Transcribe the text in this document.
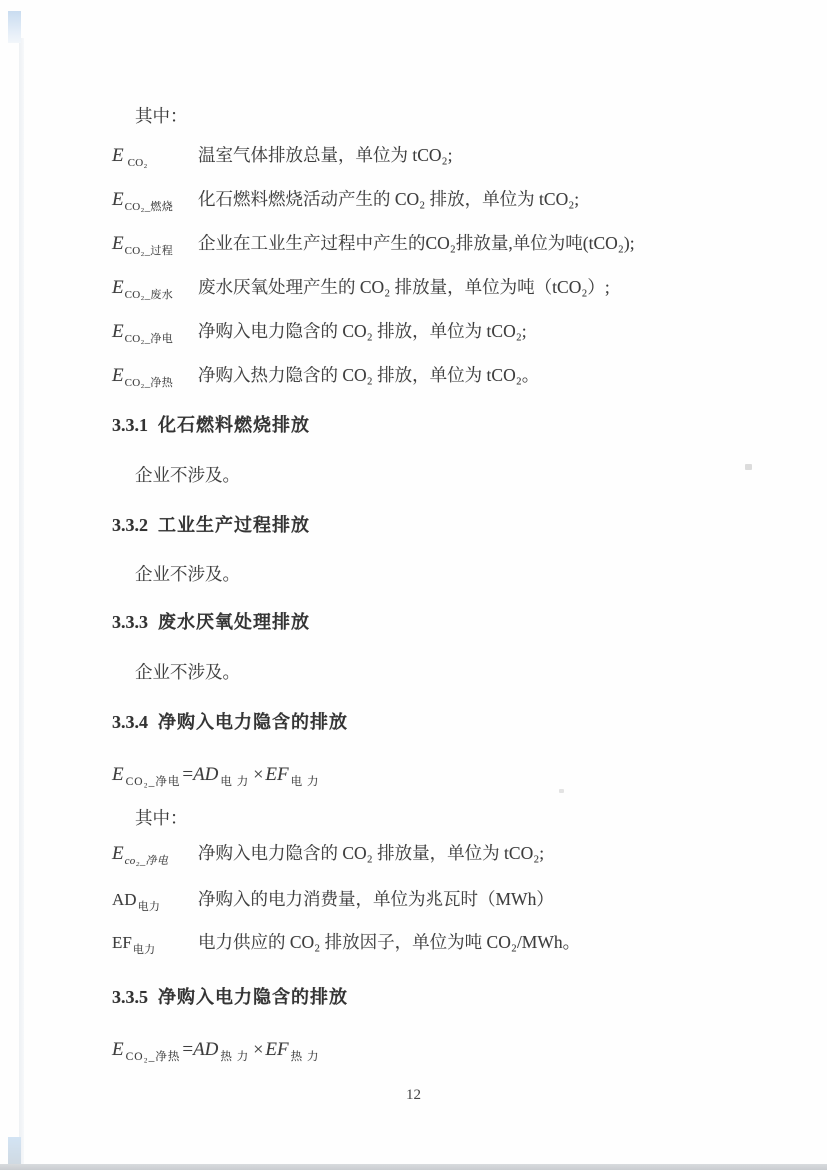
其中：
E $_{CO_2}$	温室气体排放总量，单位为 tCO₂;
$E_{CO_2\_燃烧}$ 化石燃料燃烧活动产生的 CO₂ 排放，单位为 tCO₂;
$E_{CO_2\_过程}$ 企业在工业生产过程中产生的CO₂排放量,单位为吨(tCO₂);
$E_{CO_2\_废水}$ 废水厌氧处理产生的 CO₂ 排放量，单位为吨（tCO₂）;
$E_{CO_2\_净电}$ 净购入电力隐含的 CO₂ 排放，单位为 tCO₂;
$E_{CO_2\_净热}$ 净购入热力隐含的 CO₂ 排放，单位为 tCO₂。
3.3.1 化石燃料燃烧排放
企业不涉及。
3.3.2 工业生产过程排放
企业不涉及。
3.3.3 废水厌氧处理排放
企业不涉及。
3.3.4 净购入电力隐含的排放
E $_{CO_2\_净电}$ =AD $_{电 力}$ × EF $_{电 力}$
其中：
$E_{co_2\_净电}$ 净购入电力隐含的 CO₂ 排放量，单位为 tCO₂;
$AD_{电力}$ 净购入的电力消费量，单位为兆瓦时（MWh）
$EF_{电力}$ 电力供应的 CO₂ 排放因子，单位为吨 CO₂/MWh。
3.3.5 净购入电力隐含的排放
E $_{CO_2\_净热}$ =AD $_{热 力}$ × EF $_{热 力}$
12
